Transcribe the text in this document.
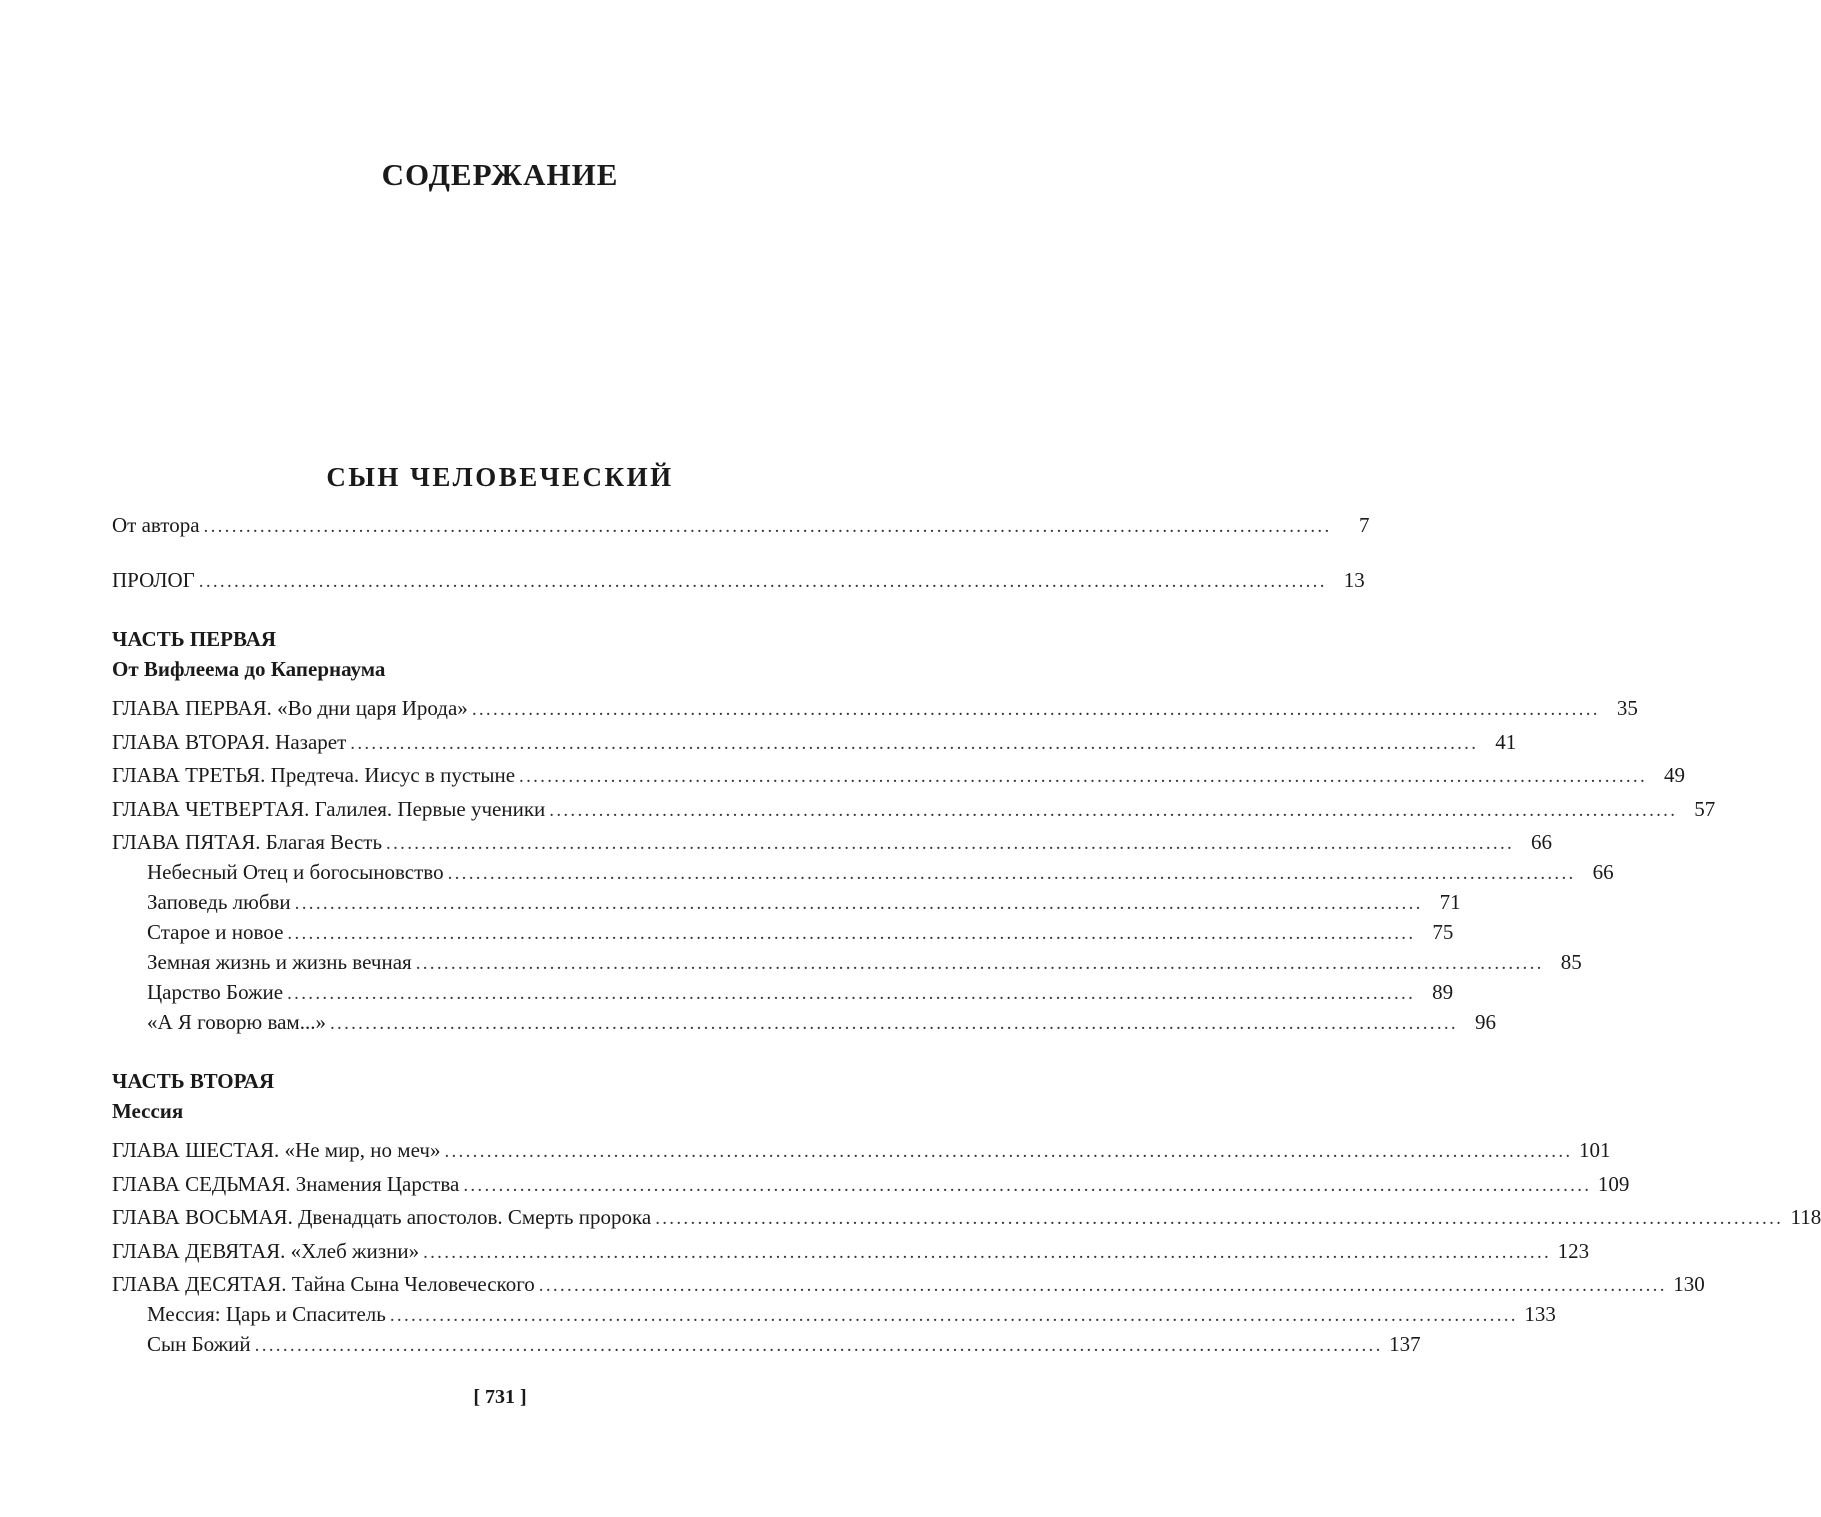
СОДЕРЖАНИЕ
СЫН ЧЕЛОВЕЧЕСКИЙ
От автора ................................................................................................................................................................	7
ПРОЛОГ ................................................................................................................................................................ 13
ЧАСТЬ ПЕРВАЯ
От Вифлеема до Капернаума
ГЛАВА ПЕРВАЯ. «Во дни царя Ирода» ................................................................................................................................................................ 35
ГЛАВА ВТОРАЯ. Назарет ................................................................................................................................................................ 41
ГЛАВА ТРЕТЬЯ. Предтеча. Иисус в пустыне ................................................................................................................................................................ 49
ГЛАВА ЧЕТВЕРТАЯ. Галилея. Первые ученики ................................................................................................................................................................ 57
ГЛАВА ПЯТАЯ. Благая Весть ................................................................................................................................................................ 66
Небесный Отец и богосыновство ................................................................................................................................................................ 66
Заповедь любви ................................................................................................................................................................ 71
Старое и новое ................................................................................................................................................................ 75
Земная жизнь и жизнь вечная ................................................................................................................................................................ 85
Царство Божие ................................................................................................................................................................ 89
«А Я говорю вам...» ................................................................................................................................................................ 96
ЧАСТЬ ВТОРАЯ
Мессия
ГЛАВА ШЕСТАЯ. «Не мир, но меч» ................................................................................................................................................................ 101
ГЛАВА СЕДЬМАЯ. Знамения Царства ................................................................................................................................................................ 109
ГЛАВА ВОСЬМАЯ. Двенадцать апостолов. Смерть пророка ................................................................................................................................................................ 118
ГЛАВА ДЕВЯТАЯ. «Хлеб жизни» ................................................................................................................................................................ 123
ГЛАВА ДЕСЯТАЯ. Тайна Сына Человеческого ................................................................................................................................................................ 130
Мессия: Царь и Спаситель ................................................................................................................................................................ 133
Сын Божий ................................................................................................................................................................ 137
[ 731 ]
